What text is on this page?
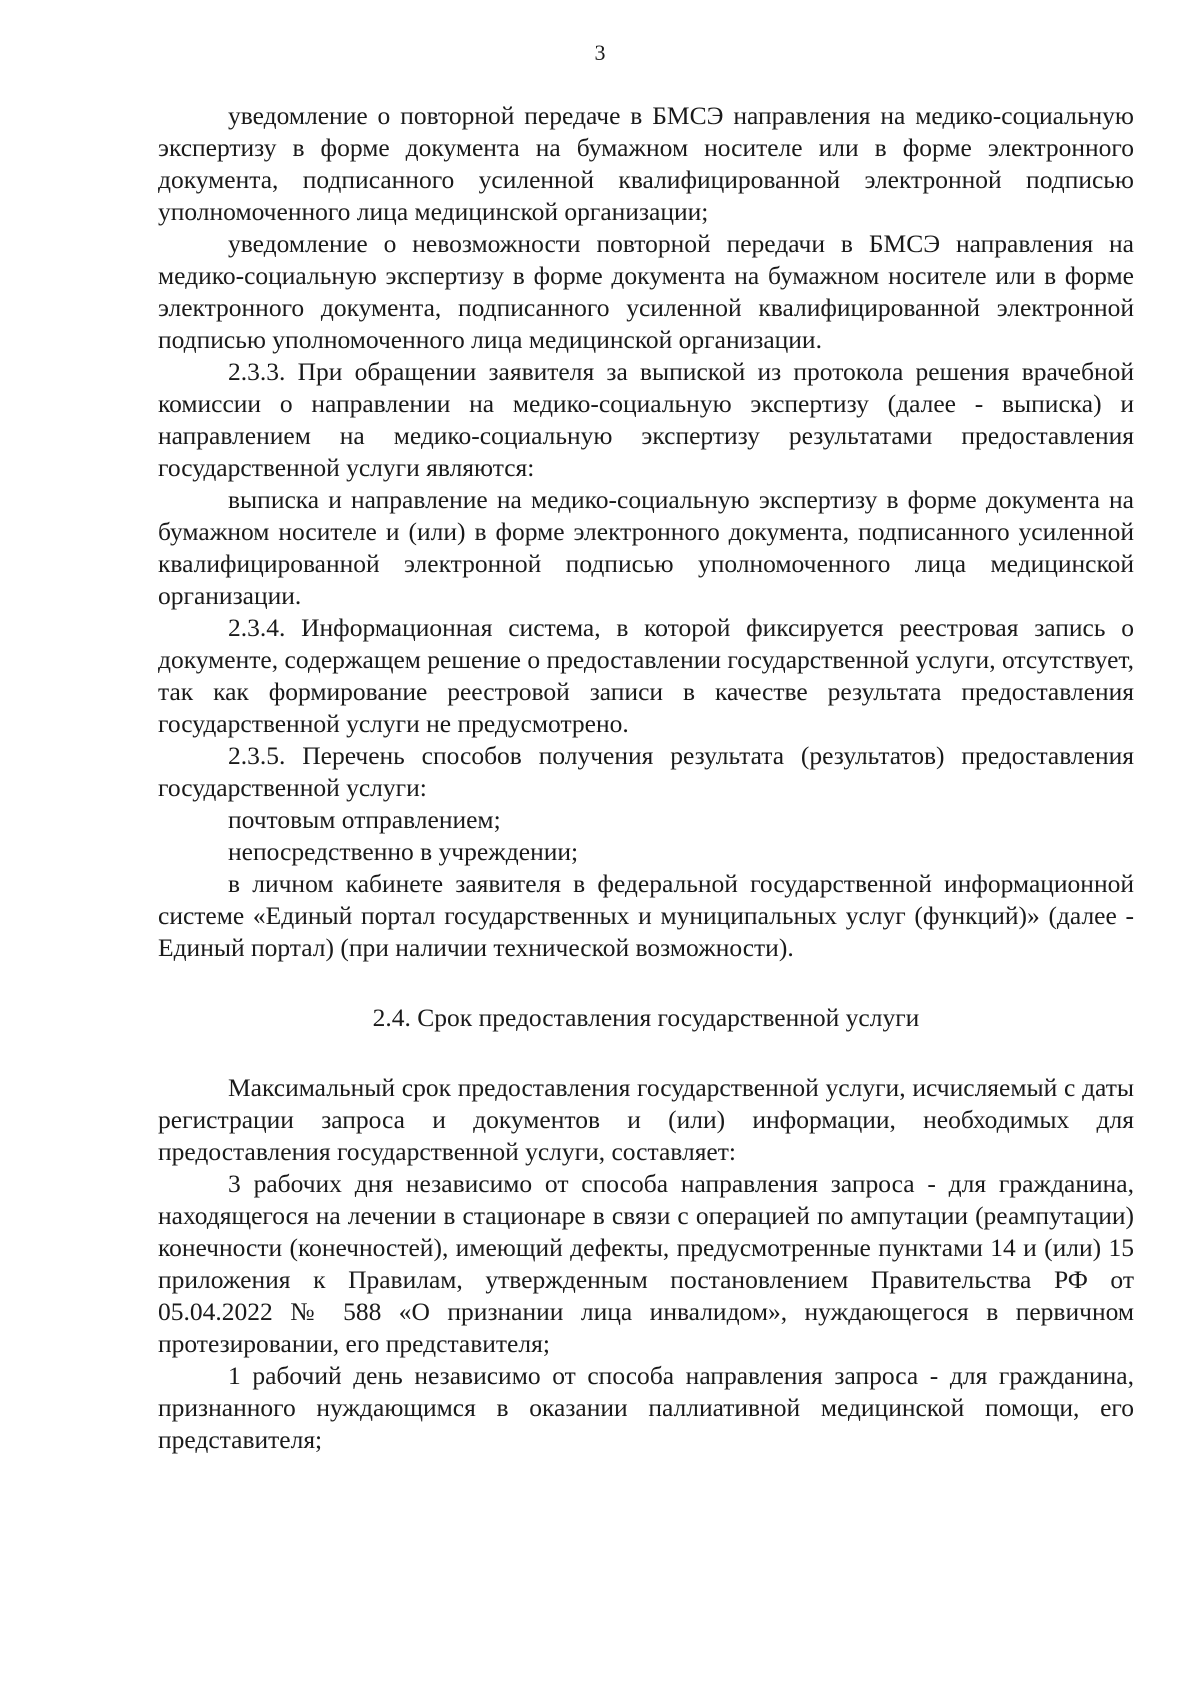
3

уведомление о повторной передаче в БМСЭ направления на медико-социальную экспертизу в форме документа на бумажном носителе или в форме электронного документа, подписанного усиленной квалифицированной электронной подписью уполномоченного лица медицинской организации;

уведомление о невозможности повторной передачи в БМСЭ направления на медико-социальную экспертизу в форме документа на бумажном носителе или в форме электронного документа, подписанного усиленной квалифицированной электронной подписью уполномоченного лица медицинской организации.

2.3.3. При обращении заявителя за выпиской из протокола решения врачебной комиссии о направлении на медико-социальную экспертизу (далее - выписка) и направлением на медико-социальную экспертизу результатами предоставления государственной услуги являются:

выписка и направление на медико-социальную экспертизу в форме документа на бумажном носителе и (или) в форме электронного документа, подписанного усиленной квалифицированной электронной подписью уполномоченного лица медицинской организации.

2.3.4. Информационная система, в которой фиксируется реестровая запись о документе, содержащем решение о предоставлении государственной услуги, отсутствует, так как формирование реестровой записи в качестве результата предоставления государственной услуги не предусмотрено.

2.3.5. Перечень способов получения результата (результатов) предоставления государственной услуги:

почтовым отправлением;

непосредственно в учреждении;

в личном кабинете заявителя в федеральной государственной информационной системе «Единый портал государственных и муниципальных услуг (функций)» (далее - Единый портал) (при наличии технической возможности).

2.4. Срок предоставления государственной услуги

Максимальный срок предоставления государственной услуги, исчисляемый с даты регистрации запроса и документов и (или) информации, необходимых для предоставления государственной услуги, составляет:

3 рабочих дня независимо от способа направления запроса - для гражданина, находящегося на лечении в стационаре в связи с операцией по ампутации (реампутации) конечности (конечностей), имеющий дефекты, предусмотренные пунктами 14 и (или) 15 приложения к Правилам, утвержденным постановлением Правительства РФ от 05.04.2022 № 588 «О признании лица инвалидом», нуждающегося в первичном протезировании, его представителя;

1 рабочий день независимо от способа направления запроса - для гражданина, признанного нуждающимся в оказании паллиативной медицинской помощи, его представителя;
